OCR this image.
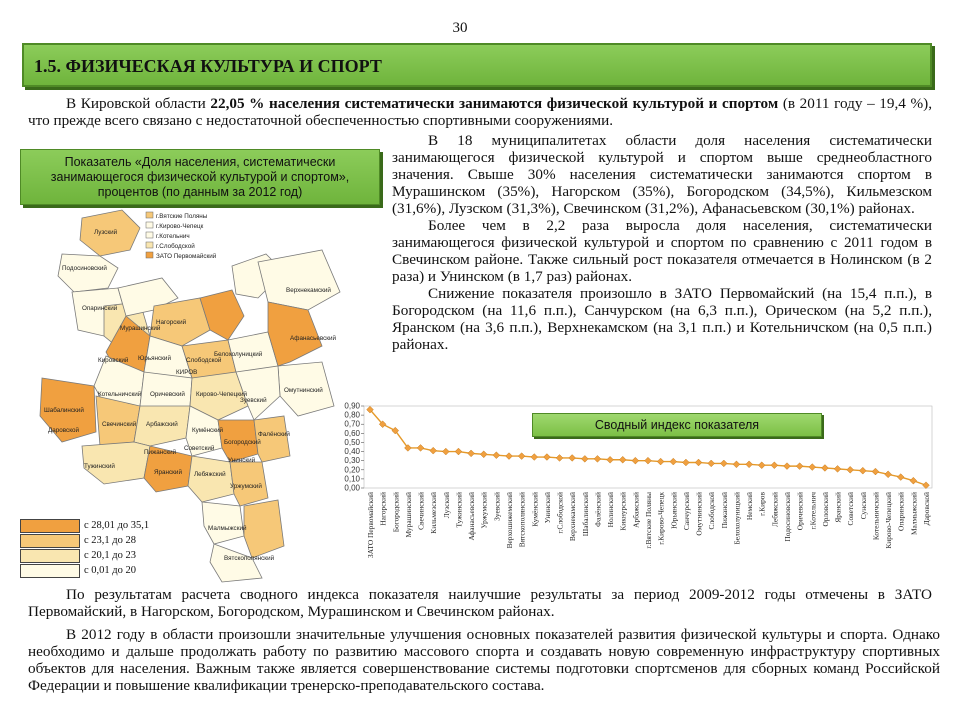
30
1.5. ФИЗИЧЕСКАЯ КУЛЬТУРА И СПОРТ
В Кировской области 22,05 % населения систематически занимаются физической культурой и спортом (в 2011 году – 19,4 %), что прежде всего связано с недостаточной обеспеченностью спортивными сооружениями.

В 18 муниципалитетах области доля населения систематически занимающегося физической культурой и спортом выше среднеобластного значения. Свыше 30% населения систематически занимаются спортом в Мурашинском (35%), Нагорском (35%), Богородском (34,5%), Кильмезском (31,6%), Лузском (31,3%), Свечинском (31,2%), Афанасьевском (30,1%) районах.

Более чем в 2,2 раза выросла доля населения, систематически занимающегося физической культурой и спортом по сравнению с 2011 годом в Свечинском районе. Также сильный рост показателя отмечается в Нолинском (в 2 раза) и Унинском (в 1,7 раз) районах.

Снижение показателя произошло в ЗАТО Первомайский (на 15,4 п.п.), в Богородском (на 11,6 п.п.), Санчурском (на 6,3 п.п.), Орическом (на 5,2 п.п.), Яранском (на 3,6 п.п.), Верхнекамском (на 3,1 п.п.) и Котельничском (на 0,5 п.п.) районах.

Показатель «Доля населения, систематически занимающегося физической культурой и спортом», процентов (по данным за 2012 год)
Лузский
Подосиновский
Опаринский
Мурашинский
Нагорский
Верхнекамский
Кировский Юрьянский Слободской
Белохолуницкий
Афанасьевский
КИРОВ
Омутнинский
Котельничский Оричевский Кирово-Чепецкий
Зуевский
Шабалинский
Свечинский
Даровской
Арбажский
Кумёнский
Фалёнский
Пижанский
Советский
Богородский
Унинский
Тужинский
Яранский Лебяжский
Уржумский
Малмыжский
Вятскополянский
г.Вятские Поляны
г.Кирово-Чепецк
г.Котельнич
г.Слободской
ЗАТО Первомайский
с 28,01 до 35,1
с 23,1 до 28
с 20,1 до 23
с 0,01 до 20
0,00
0,10
0,20
0,30
0,40
0,50
0,60
0,70
0,80
0,90
ЗАТО Первомайский Нагорский Богородский Мурашинский Свечинский Кильмезский Лузский Тужинский Афанасьевский Уржумский Зуевский Верхошижемский Вятскополянский Кумёнский Унинский г.Слободской Верхнекамский Шабалинский Фалёнский Нолинский Кикнурский Арбажский г.Вятские Поляны г.Кирово-Чепецк Юрьянский Санчурский Омутнинский Слободской Пижанский Белохолуницкий Немский г.Киров Лебяжский Подосиновский Оричевский г.Котельнич Орловский Яранский Советский Сунский Котельничский Кирово-Чепецкий Опаринский Малмыжский Даровской
Сводный индекс показателя
По результатам расчета сводного индекса показателя наилучшие результаты за период 2009-2012 годы отмечены в ЗАТО Первомайский, в Нагорском, Богородском, Мурашинском и Свечинском районах.
В 2012 году в области произошли значительные улучшения основных показателей развития физической культуры и спорта. Однако необходимо и дальше продолжать работу по развитию массового спорта и создавать новую современную инфраструктуру спортивных объектов для населения. Важным также является совершенствование системы подготовки спортсменов для сборных команд Российской Федерации и повышение квалификации тренерско-преподавательского состава.
